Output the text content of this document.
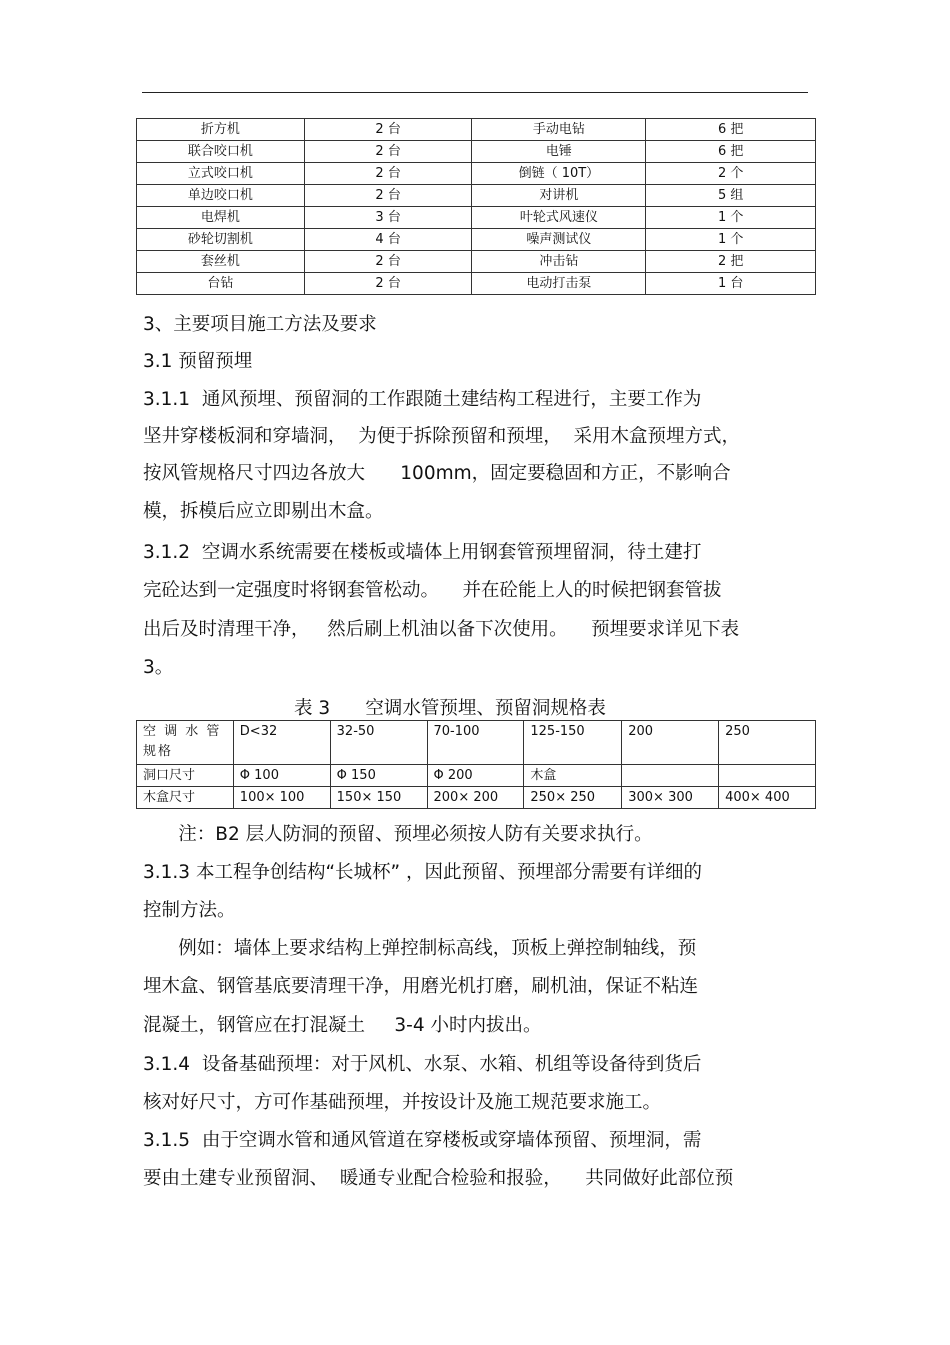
折方机	2 台	手动电钻	6 把
联合咬口机	2 台	电锤	6 把
立式咬口机	2 台	倒链（ 10T）	2 个
单边咬口机	2 台	对讲机	5 组
电焊机	3 台	叶轮式风速仪	1 个
砂轮切割机	4 台	噪声测试仪	1 个
套丝机	2 台	冲击钻	2 把
台钻	2 台	电动打击泵	1 台

3、主要项目施工方法及要求

3.1 预留预埋

3.1.1  通风预埋、预留洞的工作跟随土建结构工程进行，主要工作为

坚井穿楼板洞和穿墙洞，  为便于拆除预留和预埋，  采用木盒预埋方式，

按风管规格尺寸四边各放大      100mm，固定要稳固和方正，不影响合

模，拆模后应立即剔出木盒。

3.1.2  空调水系统需要在楼板或墙体上用钢套管预埋留洞，待土建打

完砼达到一定强度时将钢套管松动。    并在砼能上人的时候把钢套管拔

出后及时清理干净，   然后刷上机油以备下次使用。    预埋要求详见下表

3。

表 3      空调水管预埋、预留洞规格表
空 调 水 管 规格	D<32	32-50	70-100	125-150	200	250
洞口尺寸	Φ 100	Φ 150	Φ 200	木盒		
木盒尺寸	100× 100	150× 150	200× 200	250× 250	300× 300	400× 400

注：B2 层人防洞的预留、预埋必须按人防有关要求执行。

3.1.3 本工程争创结构“长城杯” ，因此预留、预埋部分需要有详细的

控制方法。

例如：墙体上要求结构上弹控制标高线，顶板上弹控制轴线，预

埋木盒、钢管基底要清理干净，用磨光机打磨，刷机油，保证不粘连

混凝土，钢管应在打混凝土     3-4 小时内拔出。

3.1.4  设备基础预埋：对于风机、水泵、水箱、机组等设备待到货后

核对好尺寸，方可作基础预埋，并按设计及施工规范要求施工。

3.1.5  由于空调水管和通风管道在穿楼板或穿墙体预留、预埋洞，需

要由土建专业预留洞、  暖通专业配合检验和报验，    共同做好此部位预
